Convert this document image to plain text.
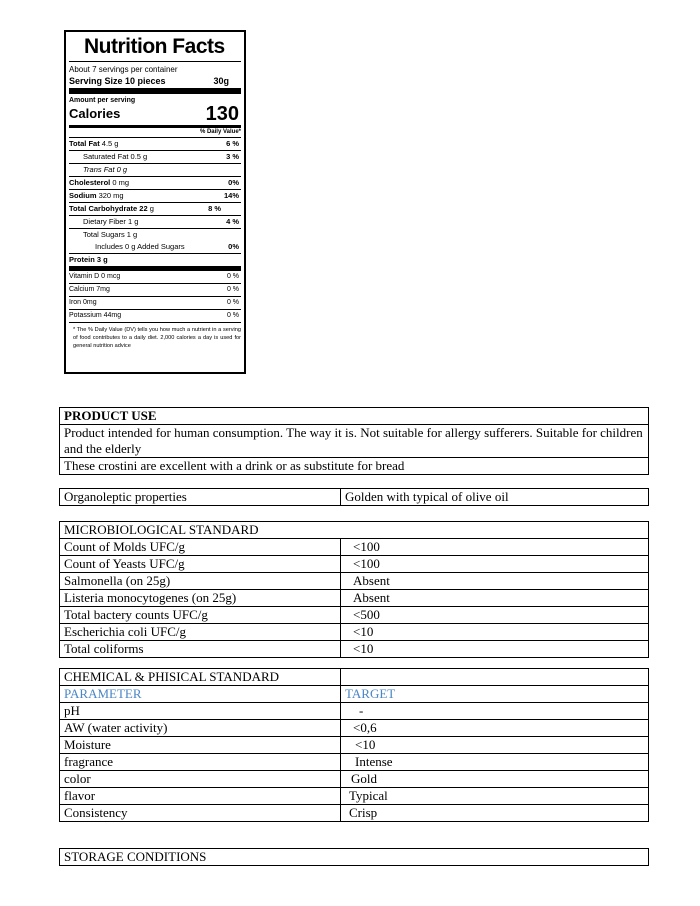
Nutrition Facts
About 7 servings per container
Serving Size 10 pieces	30g
Amount per serving
Calories	130
% Daily Value*
Total Fat 4.5 g	6 %
Saturated Fat 0.5 g	3 %
Trans Fat 0 g
Cholesterol 0 mg	0%
Sodium 320 mg	14%
Total Carbohydrate 22 g	8 %
Dietary Fiber 1 g	4 %
Total Sugars 1 g
Includes 0 g Added Sugars	0%
Protein 3 g
Vitamin D 0 mcg	0 %
Calcium 7mg	0 %
Iron 0mg	0 %
Potassium 44mg	0 %
* The % Daily Value (DV) tells you how much a nutrient in a serving of food contributes to a daily diet. 2,000 calories a day is used for general nutrition advice
PRODUCT USE
Product intended for human consumption. The way it is. Not suitable for allergy sufferers. Suitable for children and the elderly
These crostini are excellent with a drink or as substitute for bread
Organoleptic properties	Golden with typical of olive oil
MICROBIOLOGICAL STANDARD	
Count of Molds UFC/g	<100
Count of Yeasts UFC/g	<100
Salmonella (on 25g)	Absent
Listeria monocytogenes (on 25g)	Absent
Total bactery counts UFC/g	<500
Escherichia coli UFC/g	<10
Total coliforms	<10
CHEMICAL & PHISICAL STANDARD	
PARAMETER	TARGET
pH	-
AW (water activity)	<0,6
Moisture	<10
fragrance	Intense
color	Gold
flavor	Typical
Consistency	Crisp
STORAGE CONDITIONS
